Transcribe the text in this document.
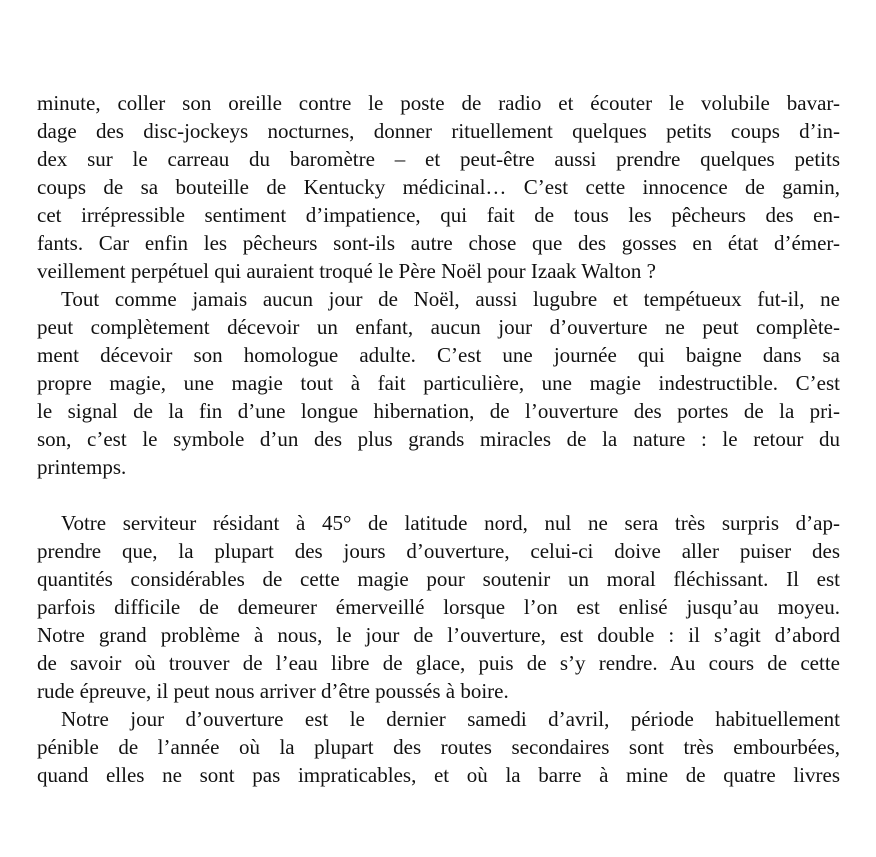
minute, coller son oreille contre le poste de radio et écouter le volubile bavar-
dage des disc-jockeys nocturnes, donner rituellement quelques petits coups d’in-
dex sur le carreau du baromètre – et peut-être aussi prendre quelques petits
coups de sa bouteille de Kentucky médicinal… C’est cette innocence de gamin,
cet irrépressible sentiment d’impatience, qui fait de tous les pêcheurs des en-
fants. Car enfin les pêcheurs sont-ils autre chose que des gosses en état d’émer-
veillement perpétuel qui auraient troqué le Père Noël pour Izaak Walton ?
Tout comme jamais aucun jour de Noël, aussi lugubre et tempétueux fut-il, ne
peut complètement décevoir un enfant, aucun jour d’ouverture ne peut complète-
ment décevoir son homologue adulte. C’est une journée qui baigne dans sa
propre magie, une magie tout à fait particulière, une magie indestructible. C’est
le signal de la fin d’une longue hibernation, de l’ouverture des portes de la pri-
son, c’est le symbole d’un des plus grands miracles de la nature : le retour du
printemps.
Votre serviteur résidant à 45° de latitude nord, nul ne sera très surpris d’ap-
prendre que, la plupart des jours d’ouverture, celui-ci doive aller puiser des
quantités considérables de cette magie pour soutenir un moral fléchissant. Il est
parfois difficile de demeurer émerveillé lorsque l’on est enlisé jusqu’au moyeu.
Notre grand problème à nous, le jour de l’ouverture, est double : il s’agit d’abord
de savoir où trouver de l’eau libre de glace, puis de s’y rendre. Au cours de cette
rude épreuve, il peut nous arriver d’être poussés à boire.
Notre jour d’ouverture est le dernier samedi d’avril, période habituellement
pénible de l’année où la plupart des routes secondaires sont très embourbées,
quand elles ne sont pas impraticables, et où la barre à mine de quatre livres
